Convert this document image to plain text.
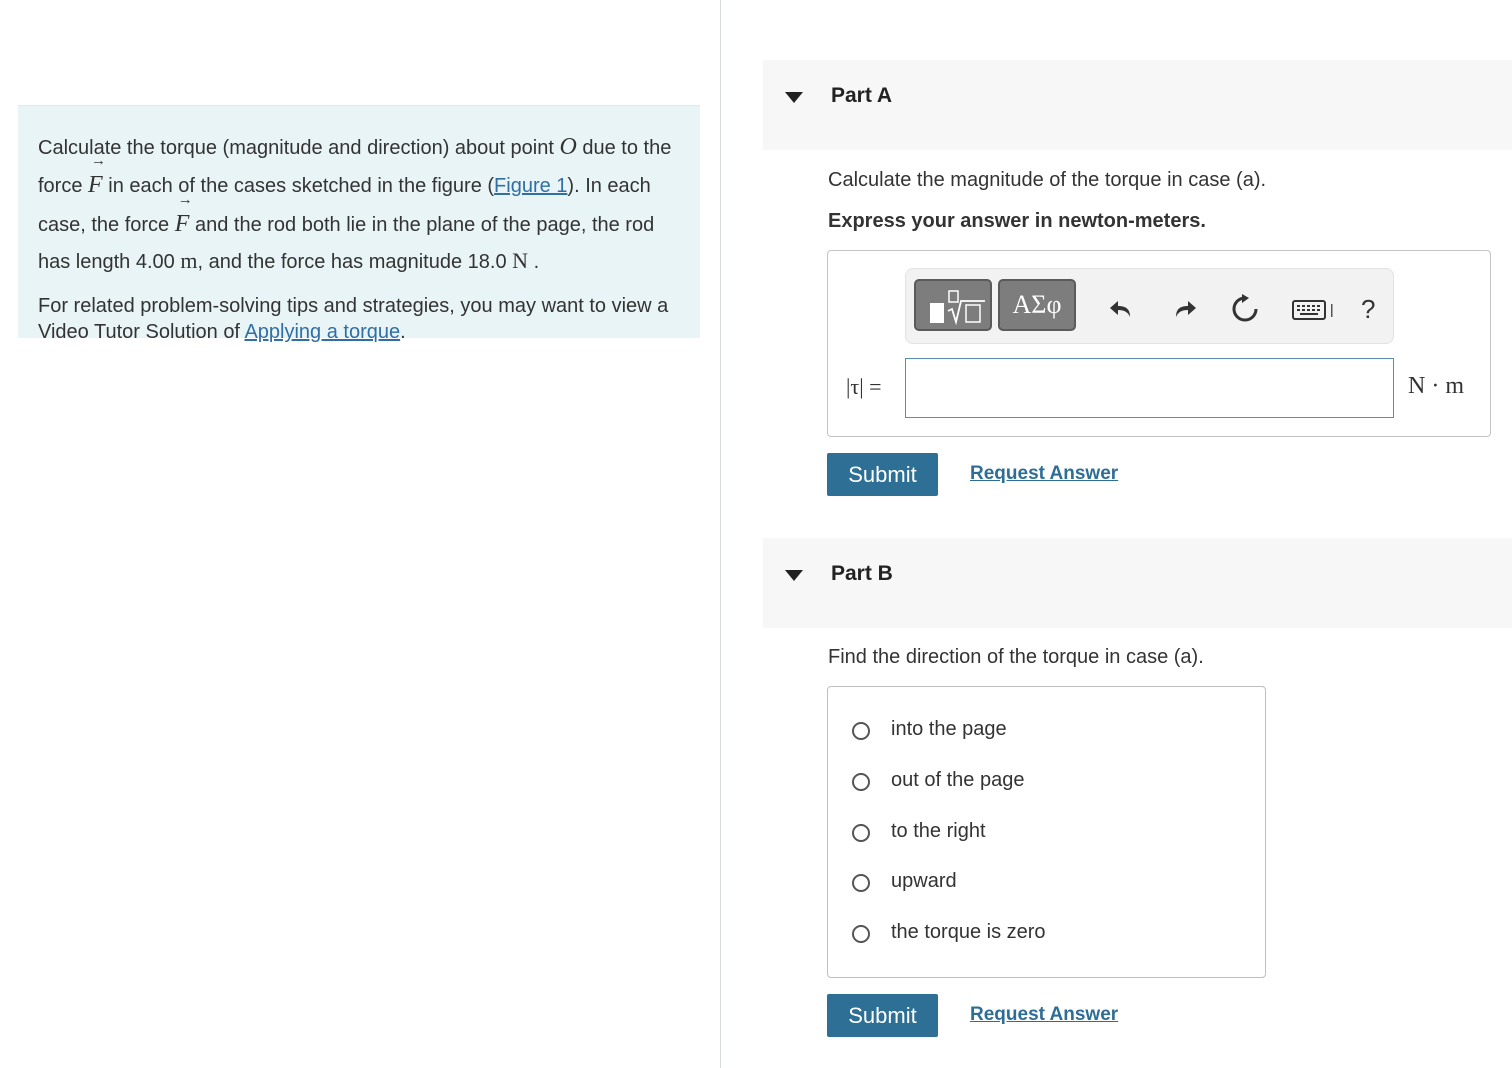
Calculate the torque (magnitude and direction) about point O due to the force → F in each of the cases sketched in the figure (Figure 1). In each case, the force → F and the rod both lie in the plane of the page, the rod has length 4.00 m, and the force has magnitude 18.0 N .

For related problem-solving tips and strategies, you may want to view a Video Tutor Solution of Applying a torque.

Part A
Calculate the magnitude of the torque in case (a).
Express your answer in newton-meters.
ΑΣφ	?
|τ| =	N · m
Submit	Request Answer
Part B
Find the direction of the torque in case (a).
into the page
out of the page
to the right
upward
the torque is zero
Submit	Request Answer
